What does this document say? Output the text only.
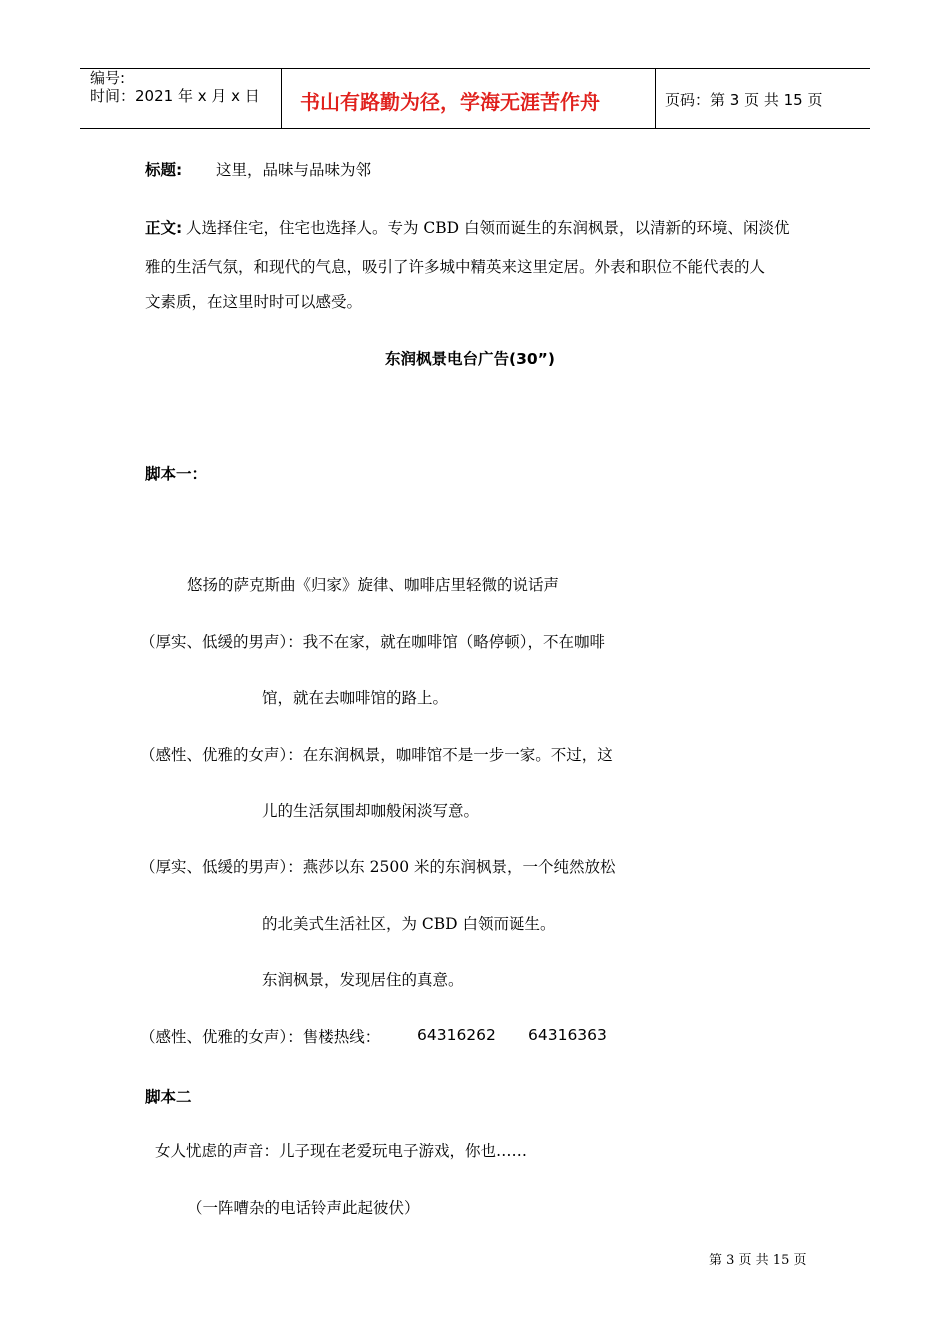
编号:
时间：2021 年 x 月 x 日 书山有路勤为径，学海无涯苦作舟	页码：第 3 页 共 15 页
标题: 这里，品味与品味为邻
正文: 人选择住宅，住宅也选择人。专为 CBD 白领而诞生的东润枫景，以清新的环境、闲淡优
雅的生活气氛，和现代的气息，吸引了许多城中精英来这里定居。外表和职位不能代表的人
文素质，在这里时时可以感受。
东润枫景电台广告(30”)
脚本一：
悠扬的萨克斯曲《归家》旋律、咖啡店里轻微的说话声
（厚实、低缓的男声）：我不在家，就在咖啡馆（略停顿），不在咖啡
馆，就在去咖啡馆的路上。
（感性、优雅的女声）：在东润枫景，咖啡馆不是一步一家。不过，这
儿的生活氛围却咖般闲淡写意。
（厚实、低缓的男声）：燕莎以东 2500 米的东润枫景，一个纯然放松
的北美式生活社区，为 CBD 白领而诞生。
东润枫景，发现居住的真意。
（感性、优雅的女声）：售楼热线： 64316262 64316363
脚本二
女人忧虑的声音：儿子现在老爱玩电子游戏，你也……
（一阵嘈杂的电话铃声此起彼伏）
第 3 页 共 15 页
